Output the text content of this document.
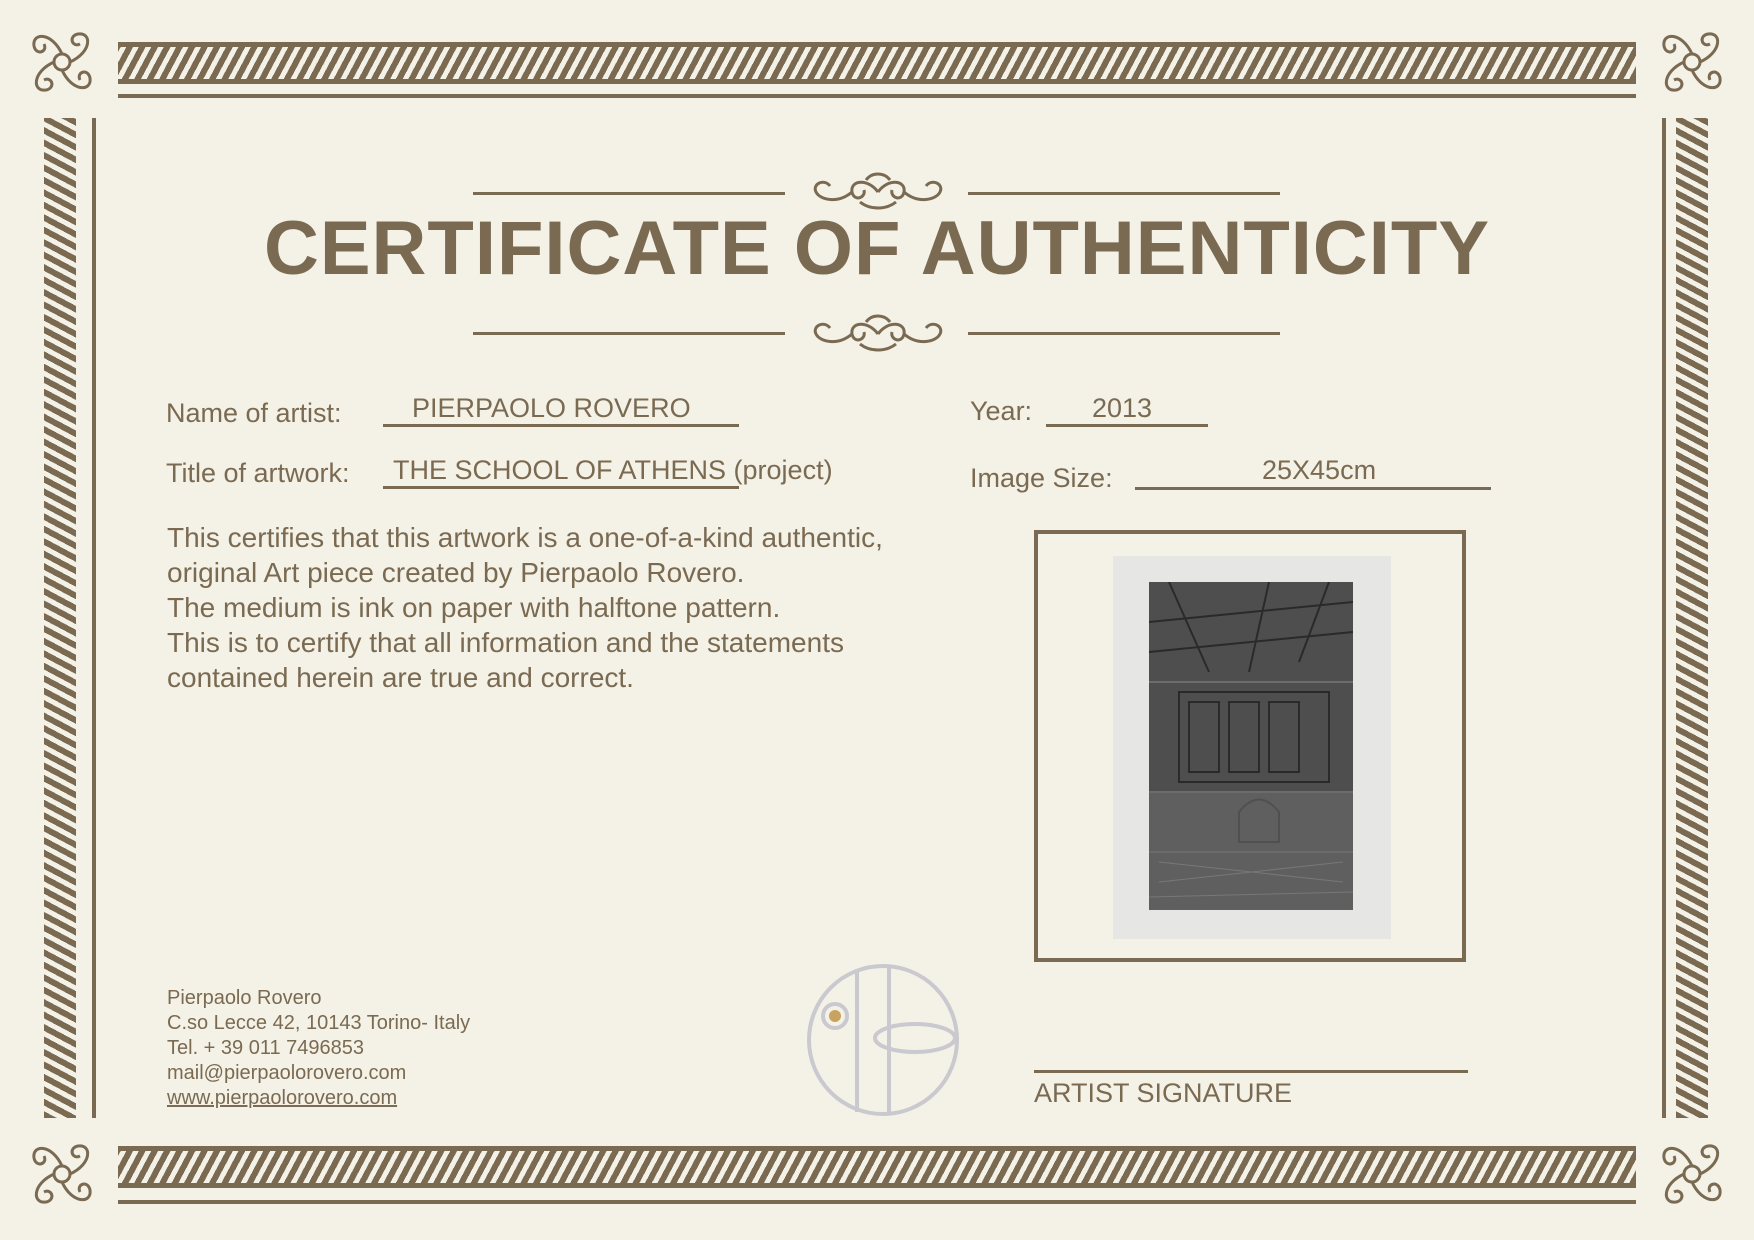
CERTIFICATE OF AUTHENTICITY
Name of artist:	PIERPAOLO ROVERO
Title of artwork: THE SCHOOL OF ATHENS (project)
Year: 2013
Image Size:	25X45cm
This certifies that this artwork is a one-of-a-kind authentic,
original Art piece created by Pierpaolo Rovero.
The medium is ink on paper with halftone pattern.
This is to certify that all information and the statements
contained herein are true and correct.
Pierpaolo Rovero
C.so Lecce 42, 10143 Torino- Italy
Tel. + 39 011 7496853
mail@pierpaolorovero.com
www.pierpaolorovero.com	ARTIST SIGNATURE
